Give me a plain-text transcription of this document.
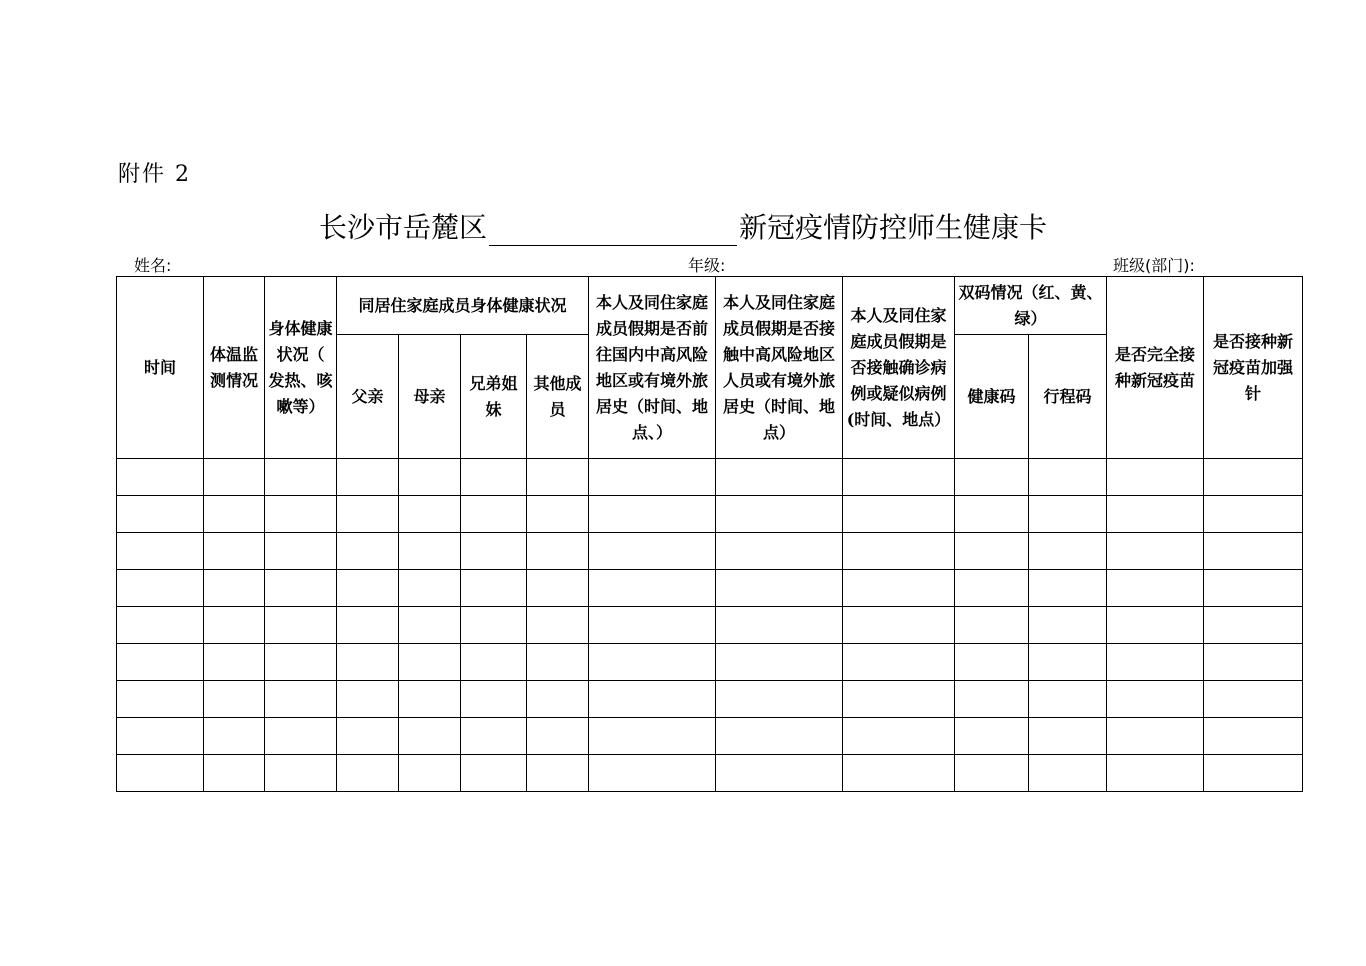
附件 2
长沙市岳麓区	新冠疫情防控师生健康卡
姓名:	年级:	班级(部门):
时间	体温监测情况	身体健康状况（ 发热、咳嗽等）	同居住家庭成员身体健康状况				本人及同住家庭成员假期是否前往国内中高风险地区或有境外旅居史（时间、地点、）	本人及同住家庭成员假期是否接触中高风险地区人员或有境外旅居史（时间、地点）	本人及同住家庭成员假期是否接触确诊病例或疑似病例(时间、地点）	双码情况（红、黄、绿）		是否完全接种新冠疫苗	是否接种新冠疫苗加强针
			父亲	母亲	兄弟姐妹	其他成员				健康码	行程码		
